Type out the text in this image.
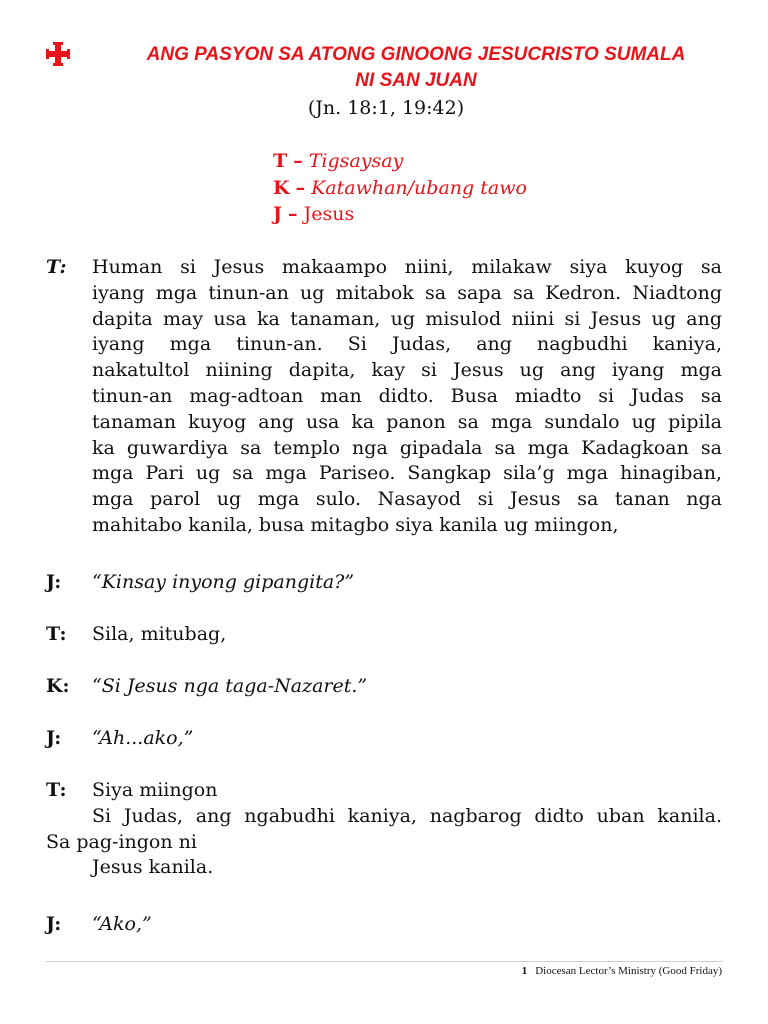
ANG PASYON SA ATONG GINOONG JESUCRISTO SUMALA
NI SAN JUAN
(Jn. 18:1, 19:42)
T – Tigsaysay
K – Katawhan/ubang tawo
J – Jesus
T: Human si Jesus makaampo niini, milakaw siya kuyog sa
iyang mga tinun-an ug mitabok sa sapa sa Kedron. Niadtong
dapita may usa ka tanaman, ug misulod niini si Jesus ug ang
iyang mga tinun-an. Si Judas, ang nagbudhi kaniya,
nakatultol niining dapita, kay si Jesus ug ang iyang mga
tinun-an mag-adtoan man didto. Busa miadto si Judas sa
tanaman kuyog ang usa ka panon sa mga sundalo ug pipila
ka guwardiya sa templo nga gipadala sa mga Kadagkoan sa
mga Pari ug sa mga Pariseo. Sangkap sila’g mga hinagiban,
mga parol ug mga sulo. Nasayod si Jesus sa tanan nga
mahitabo kanila, busa mitagbo siya kanila ug miingon,
J: “Kinsay inyong gipangita?”
T: Sila, mitubag,
K: “Si Jesus nga taga-Nazaret.”
J: “Ah...ako,”
T: Siya miingon
Si Judas, ang ngabudhi kaniya, nagbarog didto uban kanila.
Sa pag-ingon ni
Jesus kanila.
J: “Ako,”
1 Diocesan Lector’s Ministry (Good Friday)
